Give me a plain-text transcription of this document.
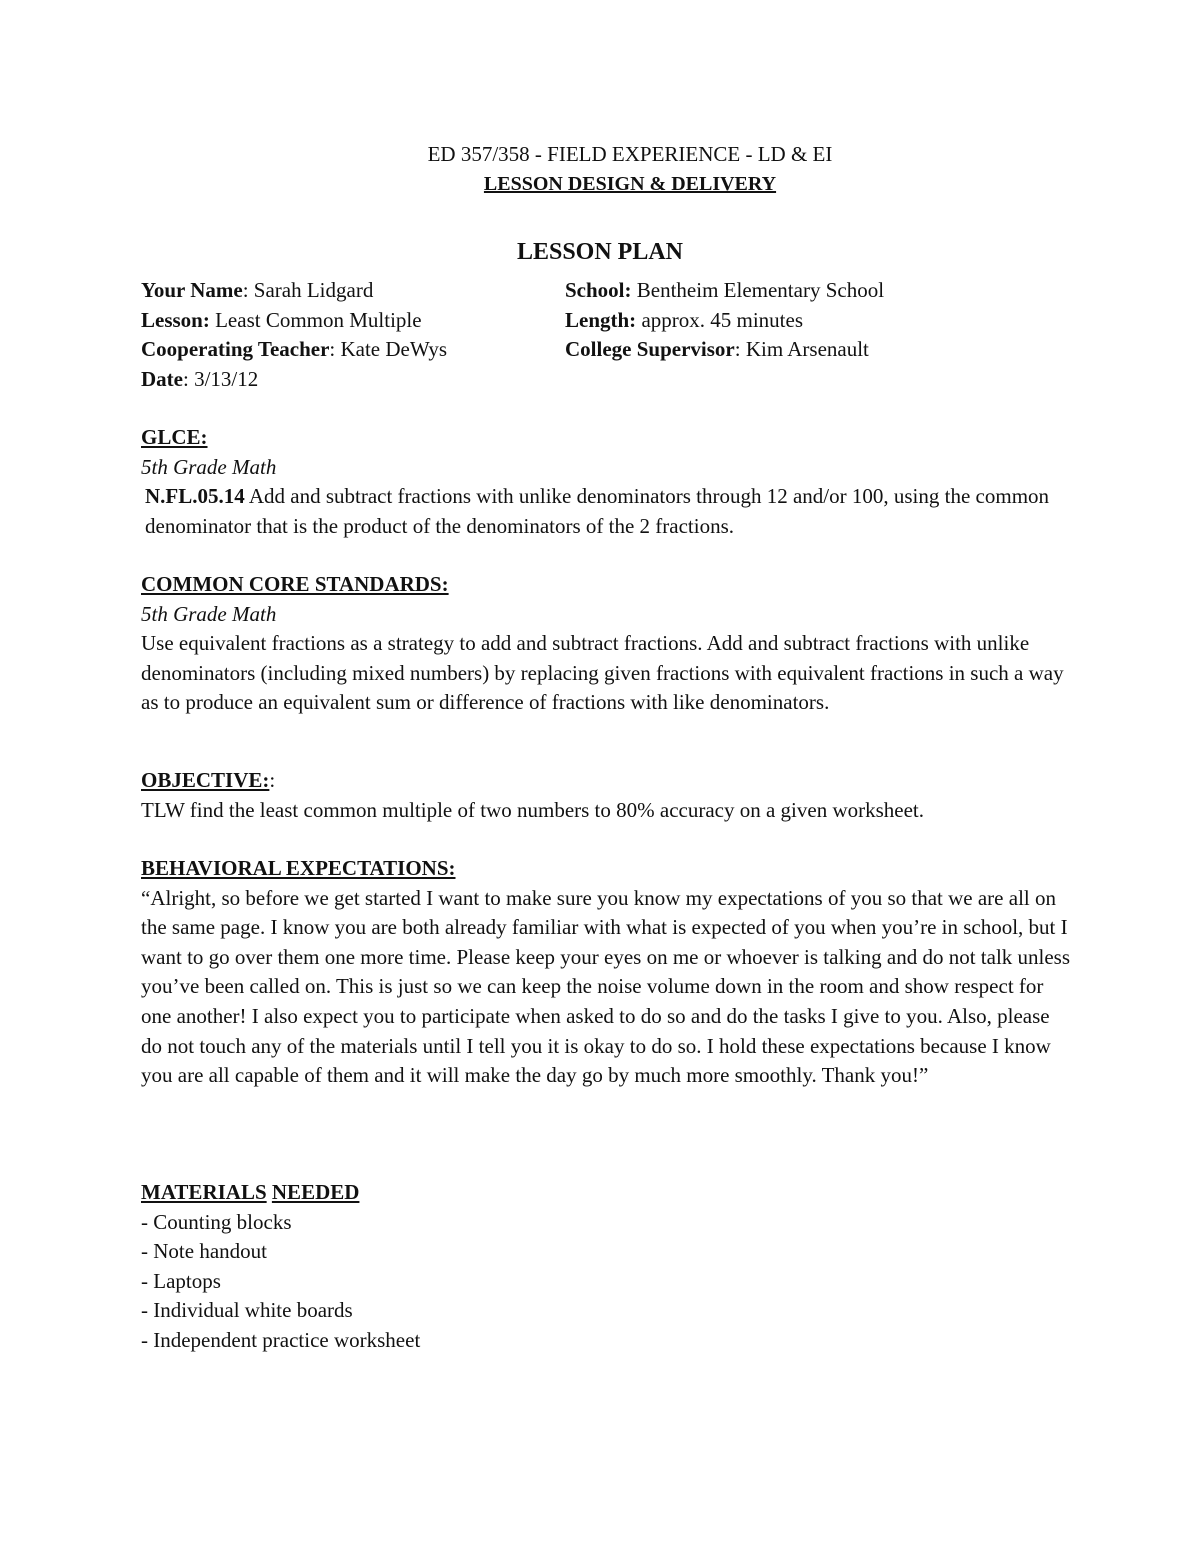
ED 357/358 - FIELD EXPERIENCE - LD & EI
LESSON DESIGN & DELIVERY
LESSON PLAN
Your Name: Sarah Lidgard	School: Bentheim Elementary School
Lesson: Least Common Multiple	Length: approx. 45 minutes
Cooperating Teacher: Kate DeWys	College Supervisor: Kim Arsenault
Date: 3/13/12

GLCE:

5th Grade Math

N.FL.05.14 Add and subtract fractions with unlike denominators through 12 and/or 100, using the common denominator that is the product of the denominators of the 2 fractions.

COMMON CORE STANDARDS:

5th Grade Math

Use equivalent fractions as a strategy to add and subtract fractions. Add and subtract fractions with unlike denominators (including mixed numbers) by replacing given fractions with equivalent fractions in such a way as to produce an equivalent sum or difference of fractions with like denominators.

OBJECTIVE::

TLW find the least common multiple of two numbers to 80% accuracy on a given worksheet.

BEHAVIORAL EXPECTATIONS:

“Alright, so before we get started I want to make sure you know my expectations of you so that we are all on the same page. I know you are both already familiar with what is expected of you when you’re in school, but I want to go over them one more time. Please keep your eyes on me or whoever is talking and do not talk unless you’ve been called on. This is just so we can keep the noise volume down in the room and show respect for one another! I also expect you to participate when asked to do so and do the tasks I give to you. Also, please do not touch any of the materials until I tell you it is okay to do so. I hold these expectations because I know you are all capable of them and it will make the day go by much more smoothly. Thank you!”

MATERIALS NEEDED

- Counting blocks
- Note handout
- Laptops
- Individual white boards
- Independent practice worksheet
